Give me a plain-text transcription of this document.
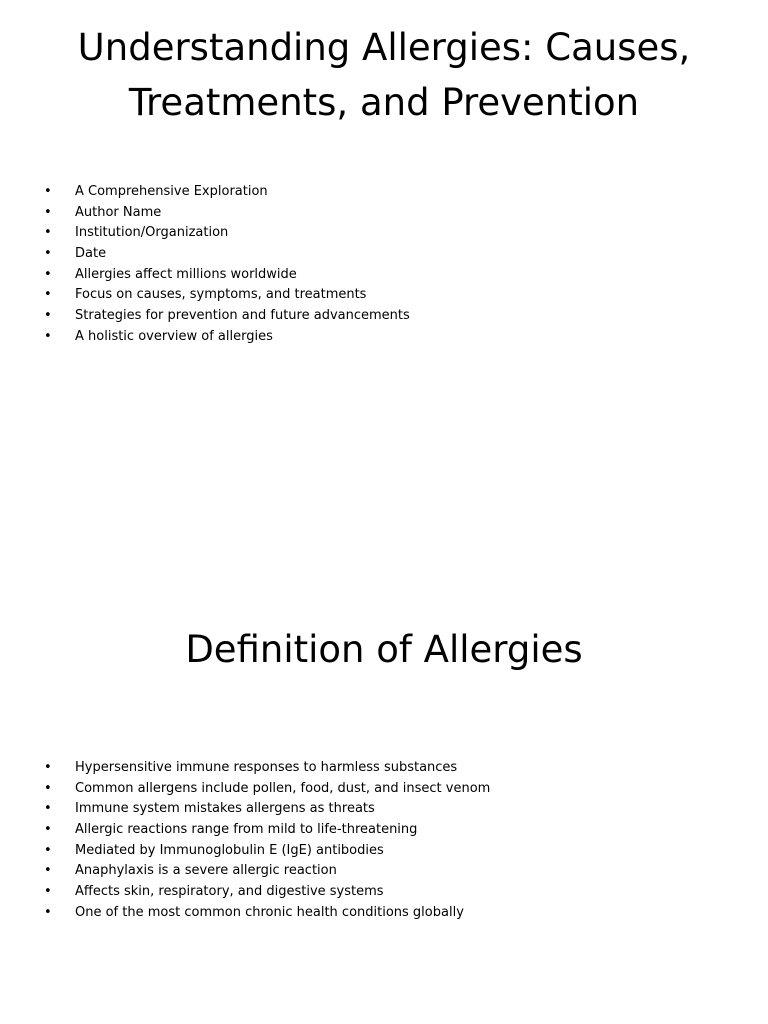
Understanding Allergies: Causes, Treatments, and Prevention
• A Comprehensive Exploration
• Author Name
• Institution/Organization
• Date
• Allergies affect millions worldwide
• Focus on causes, symptoms, and treatments
• Strategies for prevention and future advancements
• A holistic overview of allergies
Definition of Allergies
• Hypersensitive immune responses to harmless substances
• Common allergens include pollen, food, dust, and insect venom
• Immune system mistakes allergens as threats
• Allergic reactions range from mild to life-threatening
• Mediated by Immunoglobulin E (IgE) antibodies
• Anaphylaxis is a severe allergic reaction
• Affects skin, respiratory, and digestive systems
• One of the most common chronic health conditions globally
